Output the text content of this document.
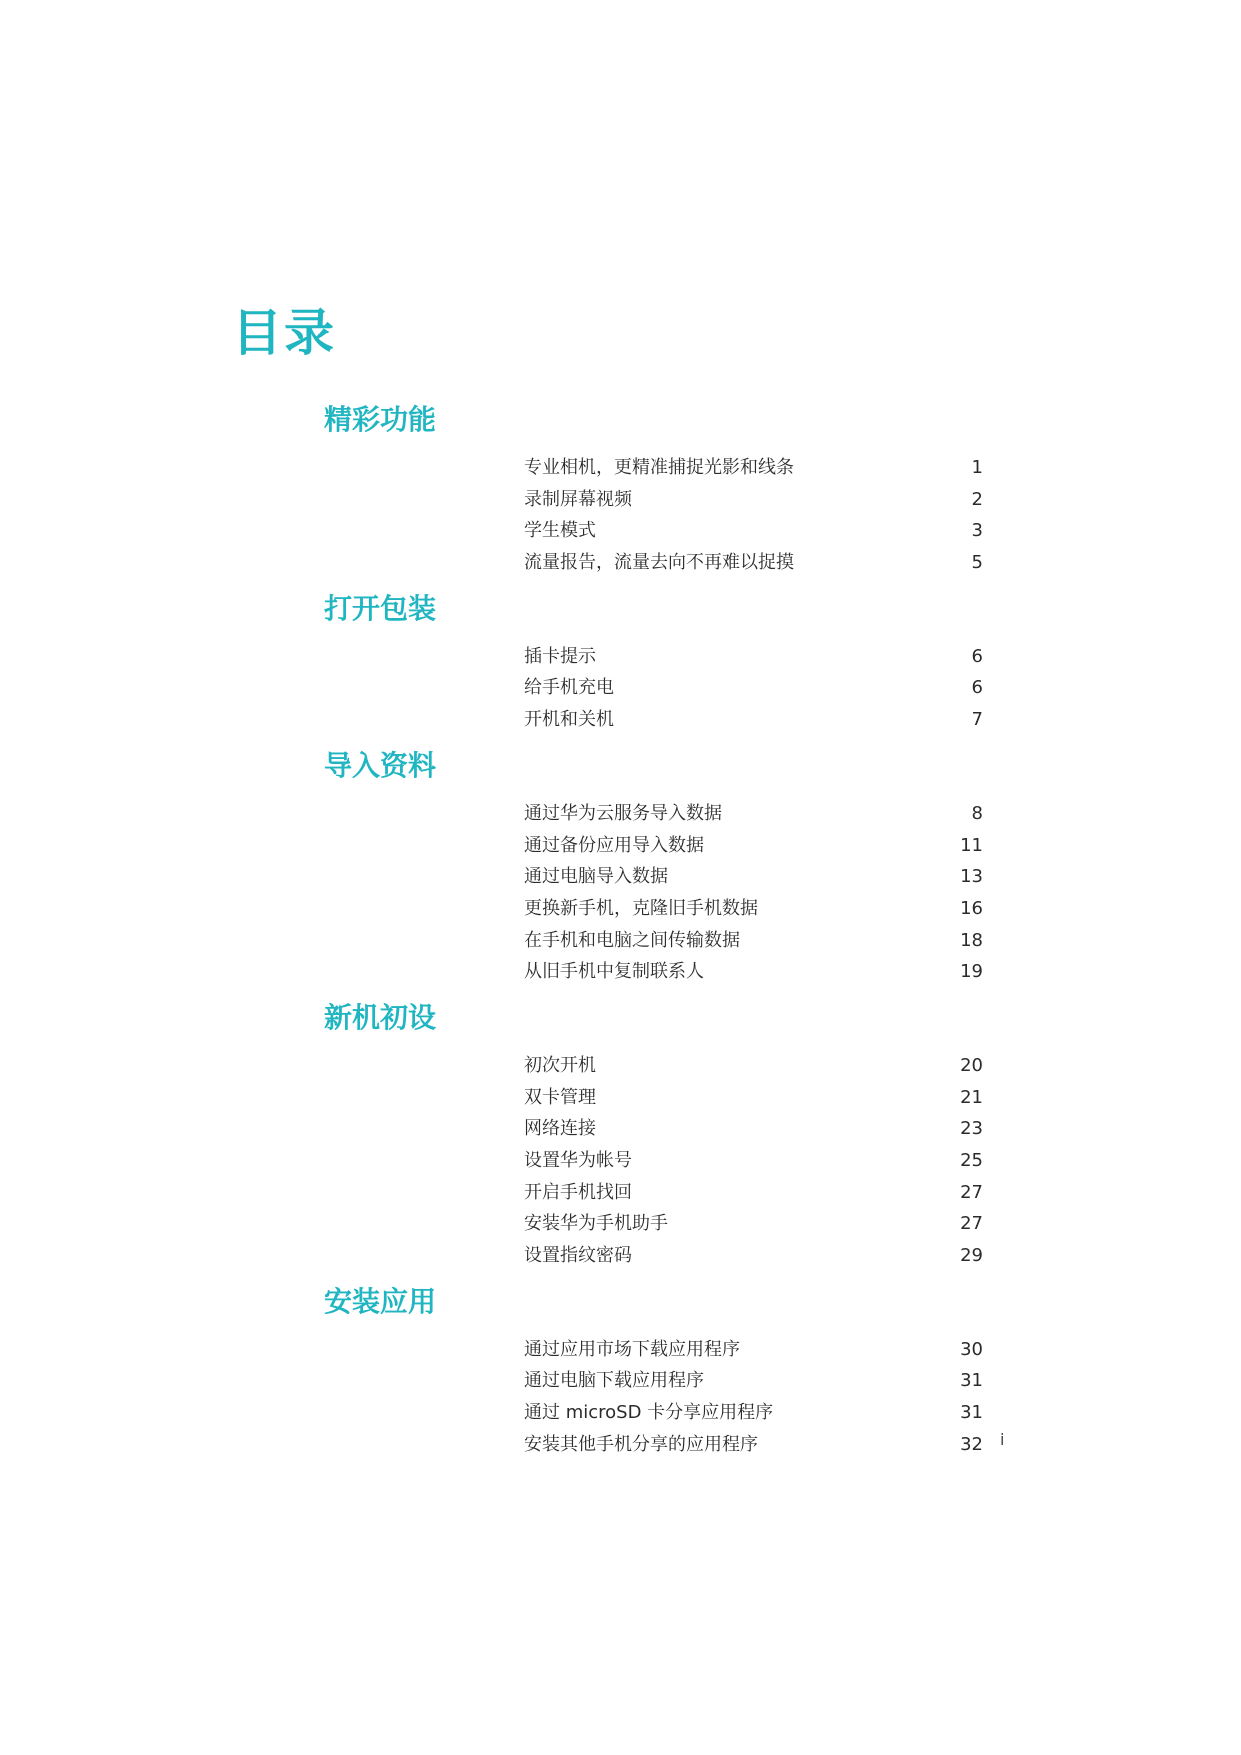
目录
精彩功能
专业相机，更精准捕捉光影和线条	1
录制屏幕视频	2
学生模式	3
流量报告，流量去向不再难以捉摸	5
打开包装
插卡提示	6
给手机充电	6
开机和关机	7
导入资料
通过华为云服务导入数据	8
通过备份应用导入数据	11
通过电脑导入数据	13
更换新手机，克隆旧手机数据	16
在手机和电脑之间传输数据	18
从旧手机中复制联系人	19
新机初设
初次开机	20
双卡管理	21
网络连接	23
设置华为帐号	25
开启手机找回	27
安装华为手机助手	27
设置指纹密码	29
安装应用
通过应用市场下载应用程序	30
通过电脑下载应用程序	31
通过 microSD 卡分享应用程序	31
安装其他手机分享的应用程序	32 i
